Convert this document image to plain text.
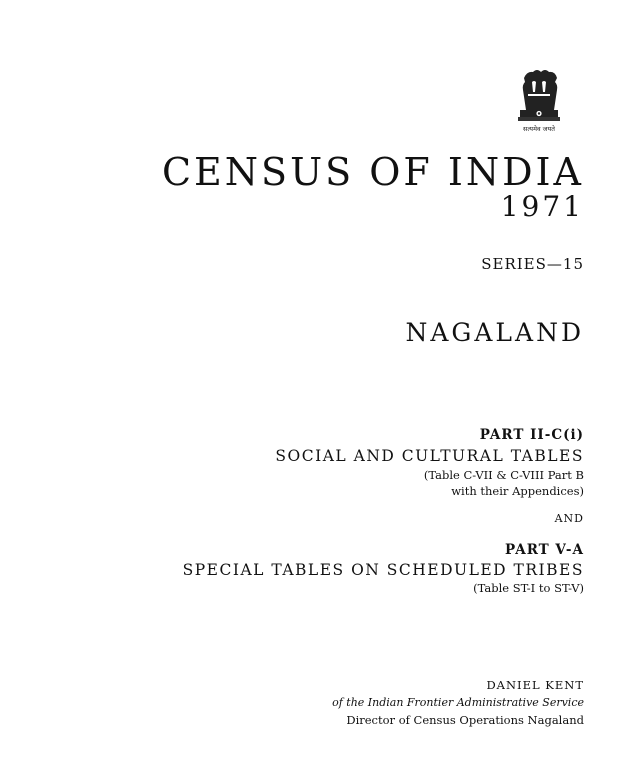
सत्यमेव जयते
CENSUS OF INDIA
1971
SERIES—15
NAGALAND
PART II-C(i)
SOCIAL AND CULTURAL TABLES
(Table C-VII & C-VIII Part B
with their Appendices)
AND
PART V-A
SPECIAL TABLES ON SCHEDULED TRIBES
(Table ST-I to ST-V)
DANIEL KENT
of the Indian Frontier Administrative Service
Director of Census Operations Nagaland
